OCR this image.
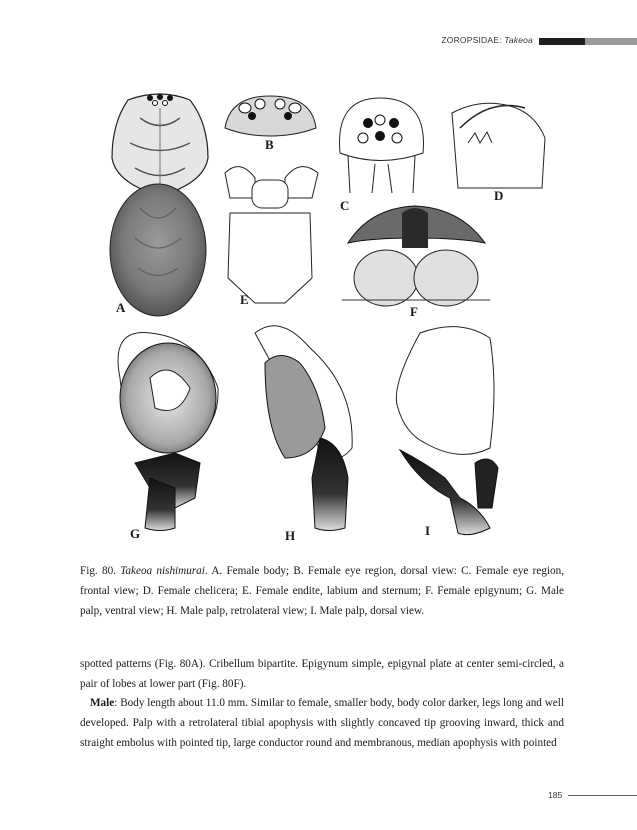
ZOROPSIDAE: Takeoa
A
B
C
D
E
F
G	H	I
Fig. 80. Takeoa nishimurai. A. Female body; B. Female eye region, dorsal view: C. Female eye region, frontal view; D. Female chelicera; E. Female endite, labium and sternum; F. Female epigynum; G. Male palp, ventral view; H. Male palp, retrolateral view; I. Male palp, dorsal view.

spotted patterns (Fig. 80A). Cribellum bipartite. Epigynum simple, epigynal plate at center semi-circled, a pair of lobes at lower part (Fig. 80F).

Male: Body length about 11.0 mm. Similar to female, smaller body, body color darker, legs long and well developed. Palp with a retrolateral tibial apophysis with slightly concaved tip grooving inward, thick and straight embolus with pointed tip, large conductor round and membranous, median apophysis with pointed

185
